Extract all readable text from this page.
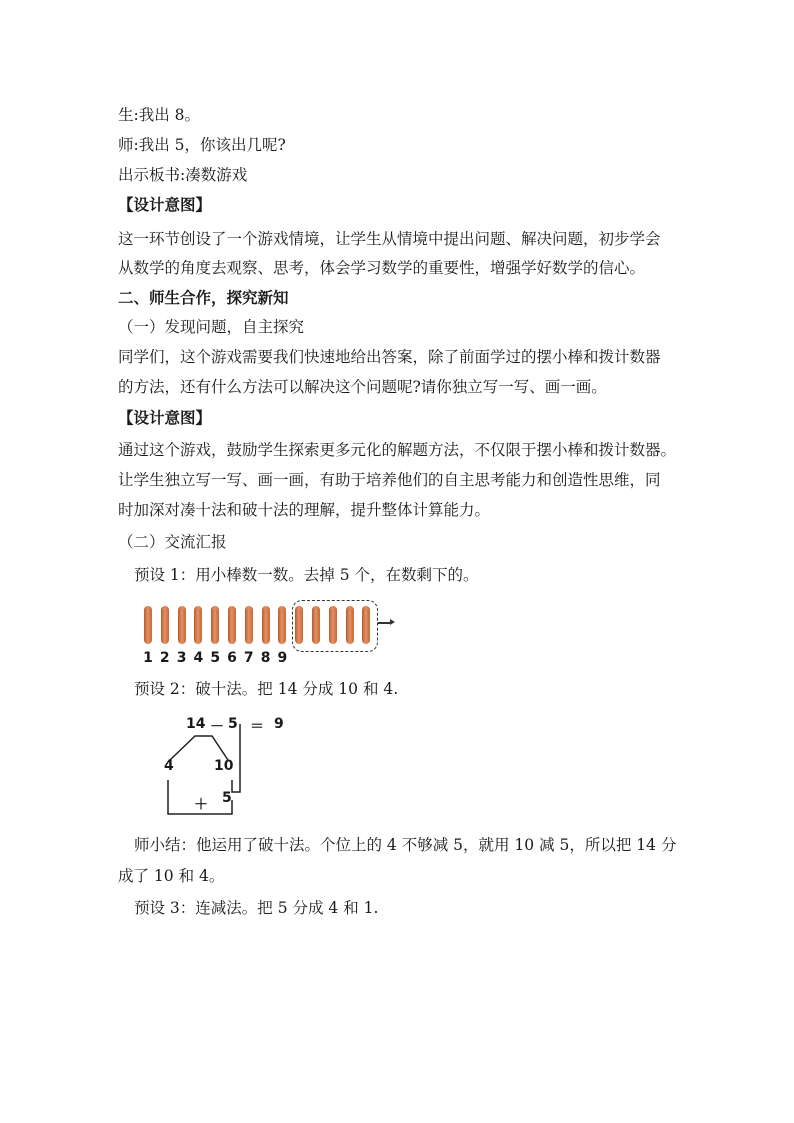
生:我出 8。
师:我出 5，你该出几呢?
出示板书:凑数游戏
【设计意图】
这一环节创设了一个游戏情境，让学生从情境中提出问题、解决问题，初步学会
从数学的角度去观察、思考，体会学习数学的重要性，增强学好数学的信心。
二、师生合作，探究新知
（一）发现问题，自主探究
同学们，这个游戏需要我们快速地给出答案，除了前面学过的摆小棒和拨计数器
的方法，还有什么方法可以解决这个问题呢?请你独立写一写、画一画。
【设计意图】
通过这个游戏，鼓励学生探索更多元化的解题方法，不仅限于摆小棒和拨计数器。
让学生独立写一写、画一画，有助于培养他们的自主思考能力和创造性思维，同
时加深对凑十法和破十法的理解，提升整体计算能力。
（二）交流汇报
预设 1：用小棒数一数。去掉 5 个，在数剩下的。
1 2 3 4 5 6 7 8 9
预设 2：破十法。把 14 分成 10 和 4.
14 － 5 ＝ 9
4	10
＋ 5
师小结：他运用了破十法。个位上的 4 不够减 5，就用 10 减 5，所以把 14 分
成了 10 和 4。
预设 3：连减法。把 5 分成 4 和 1.
